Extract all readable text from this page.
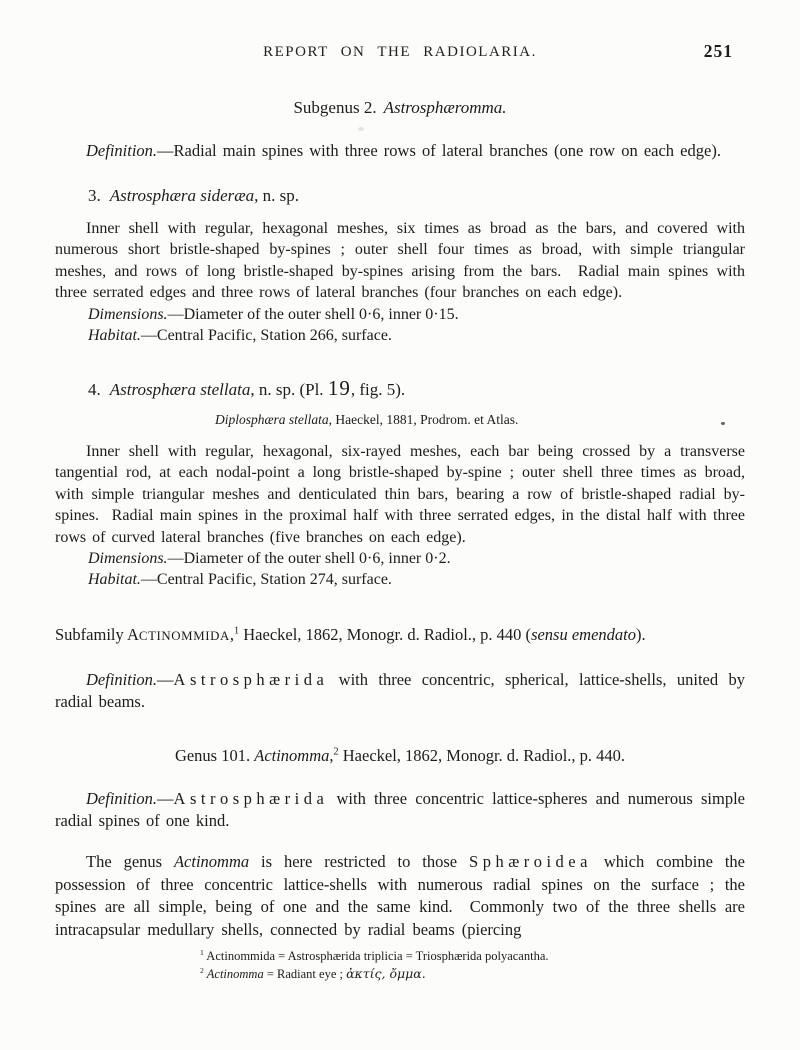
REPORT ON THE RADIOLARIA.	251
Subgenus 2. Astrosphæromma.

Definition.—Radial main spines with three rows of lateral branches (one row on each edge).

3. Astrosphæra sideræa, n. sp.

Inner shell with regular, hexagonal meshes, six times as broad as the bars, and covered with numerous short bristle-shaped by-spines ; outer shell four times as broad, with simple triangular meshes, and rows of long bristle-shaped by-spines arising from the bars.  Radial main spines with three serrated edges and three rows of lateral branches (four branches on each edge).

Dimensions.—Diameter of the outer shell 0·6, inner 0·15.

Habitat.—Central Pacific, Station 266, surface.

4. Astrosphæra stellata, n. sp. (Pl. 19, fig. 5).

Diplosphæra stellata, Haeckel, 1881, Prodrom. et Atlas.

Inner shell with regular, hexagonal, six-rayed meshes, each bar being crossed by a transverse tangential rod, at each nodal-point a long bristle-shaped by-spine ; outer shell three times as broad, with simple triangular meshes and denticulated thin bars, bearing a row of bristle-shaped radial by-spines.  Radial main spines in the proximal half with three serrated edges, in the distal half with three rows of curved lateral branches (five branches on each edge).

Dimensions.—Diameter of the outer shell 0·6, inner 0·2.

Habitat.—Central Pacific, Station 274, surface.

Subfamily ACTINOMMIDA,$^1$ Haeckel, 1862, Monogr. d. Radiol., p. 440 (sensu emendato).

Definition.—Astrosphærida with three concentric, spherical, lattice-shells, united by radial beams.

Genus 101. Actinomma,$^2$ Haeckel, 1862, Monogr. d. Radiol., p. 440.

Definition.—Astrosphærida with three concentric lattice-spheres and numerous simple radial spines of one kind.

The genus Actinomma is here restricted to those Sphæroidea which combine the possession of three concentric lattice-shells with numerous radial spines on the surface ; the spines are all simple, being of one and the same kind.  Commonly two of the three shells are intracapsular medullary shells, connected by radial beams (piercing

$^1$ Actinommida = Astrosphærida triplicia = Triosphærida polyacantha.

$^2$ Actinomma = Radiant eye ; ἀκτίς, ὄμμα.
